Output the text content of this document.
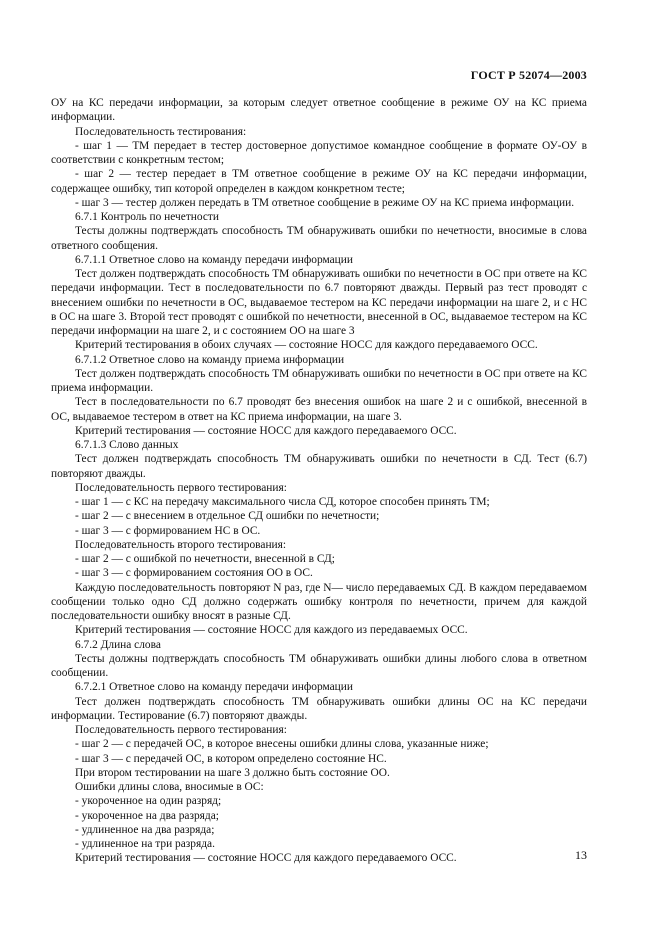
ГОСТ Р 52074—2003

ОУ на КС передачи информации, за которым следует ответное сообщение в режиме ОУ на КС приема информации.

Последовательность тестирования:

- шаг 1 — ТМ передает в тестер достоверное допустимое командное сообщение в формате ОУ-ОУ в соответствии с конкретным тестом;

- шаг 2 — тестер передает в ТМ ответное сообщение в режиме ОУ на КС передачи информации, содержащее ошибку, тип которой определен в каждом конкретном тесте;

- шаг 3 — тестер должен передать в ТМ ответное сообщение в режиме ОУ на КС приема информации.

6.7.1 Контроль по нечетности

Тесты должны подтверждать способность ТМ обнаруживать ошибки по нечетности, вносимые в слова ответного сообщения.

6.7.1.1 Ответное слово на команду передачи информации

Тест должен подтверждать способность ТМ обнаруживать ошибки по нечетности в ОС при ответе на КС передачи информации. Тест в последовательности по 6.7 повторяют дважды. Первый раз тест проводят с внесением ошибки по нечетности в ОС, выдаваемое тестером на КС передачи информации на шаге 2, и с НС в ОС на шаге 3. Второй тест проводят с ошибкой по нечетности, внесенной в ОС, выдаваемое тестером на КС передачи информации на шаге 2, и с состоянием ОО на шаге 3

Критерий тестирования в обоих случаях — состояние НОСС для каждого передаваемого ОСС.

6.7.1.2 Ответное слово на команду приема информации

Тест должен подтверждать способность ТМ обнаруживать ошибки по нечетности в ОС при ответе на КС приема информации.

Тест в последовательности по 6.7 проводят без внесения ошибок на шаге 2 и с ошибкой, внесенной в ОС, выдаваемое тестером в ответ на КС приема информации, на шаге 3.

Критерий тестирования — состояние НОСС для каждого передаваемого ОСС.

6.7.1.3 Слово данных

Тест должен подтверждать способность ТМ обнаруживать ошибки по нечетности в СД. Тест (6.7) повторяют дважды.

Последовательность первого тестирования:

- шаг 1 — с КС на передачу максимального числа СД, которое способен принять ТМ;

- шаг 2 — с внесением в отдельное СД ошибки по нечетности;

- шаг 3 — с формированием НС в ОС.

Последовательность второго тестирования:

- шаг 2 — с ошибкой по нечетности, внесенной в СД;

- шаг 3 — с формированием состояния ОО в ОС.

Каждую последовательность повторяют N раз, где N— число передаваемых СД. В каждом передаваемом сообщении только одно СД должно содержать ошибку контроля по нечетности, причем для каждой последовательности ошибку вносят в разные СД.

Критерий тестирования — состояние НОСС для каждого из передаваемых ОСС.

6.7.2 Длина слова

Тесты должны подтверждать способность ТМ обнаруживать ошибки длины любого слова в ответном сообщении.

6.7.2.1 Ответное слово на команду передачи информации

Тест должен подтверждать способность ТМ обнаруживать ошибки длины ОС на КС передачи информации. Тестирование (6.7) повторяют дважды.

Последовательность первого тестирования:

- шаг 2 — с передачей ОС, в которое внесены ошибки длины слова, указанные ниже;

- шаг 3 — с передачей ОС, в котором определено состояние НС.

При втором тестировании на шаге 3 должно быть состояние ОО.

Ошибки длины слова, вносимые в ОС:

- укороченное на один разряд;

- укороченное на два разряда;

- удлиненное на два разряда;

- удлиненное на три разряда.

Критерий тестирования — состояние НОСС для каждого передаваемого ОСС.	13
